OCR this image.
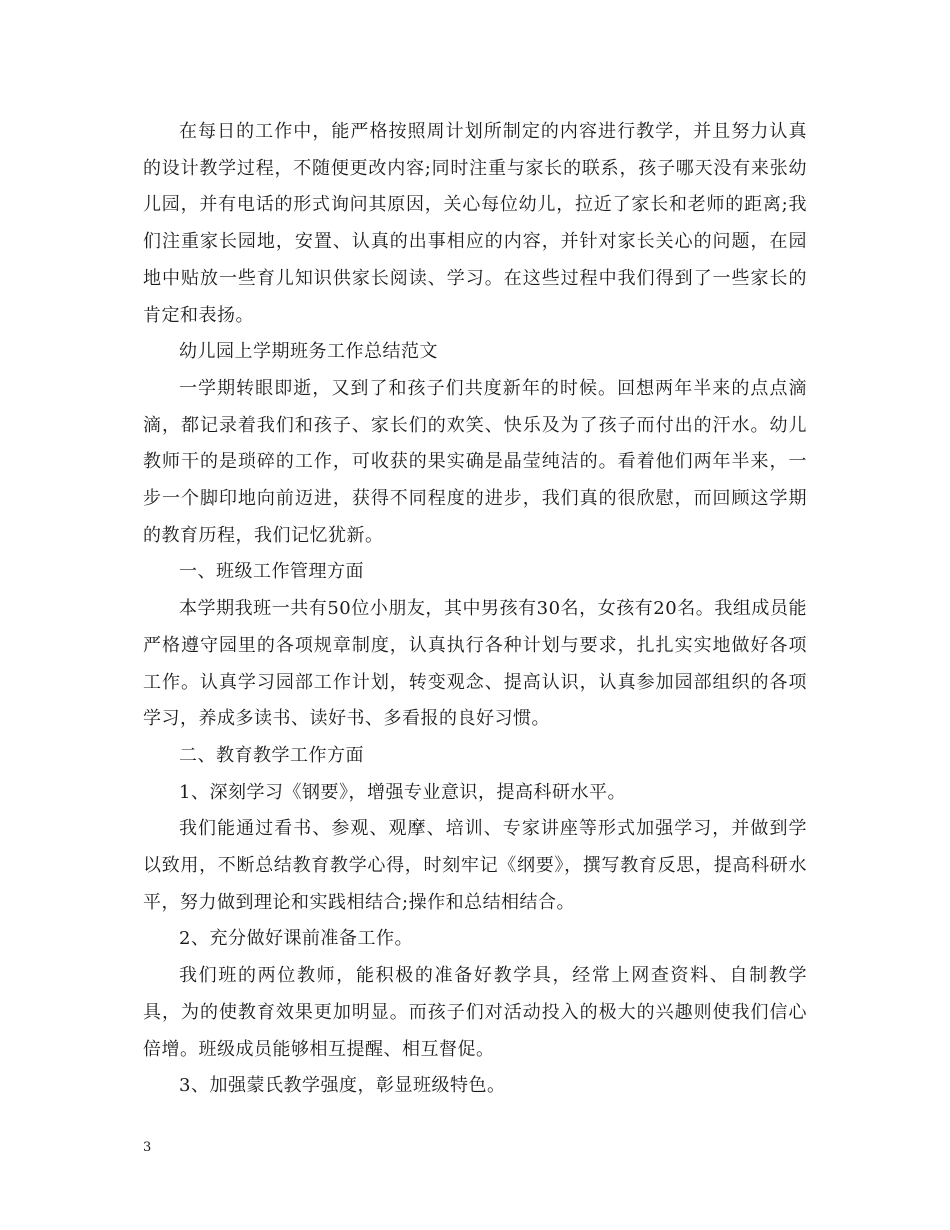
在每日的工作中，能严格按照周计划所制定的内容进行教学，并且努力认真的设计教学过程，不随便更改内容;同时注重与家长的联系，孩子哪天没有来张幼儿园，并有电话的形式询问其原因，关心每位幼儿，拉近了家长和老师的距离;我们注重家长园地，安置、认真的出事相应的内容，并针对家长关心的问题，在园地中贴放一些育儿知识供家长阅读、学习。在这些过程中我们得到了一些家长的肯定和表扬。

幼儿园上学期班务工作总结范文

一学期转眼即逝，又到了和孩子们共度新年的时候。回想两年半来的点点滴滴，都记录着我们和孩子、家长们的欢笑、快乐及为了孩子而付出的汗水。幼儿教师干的是琐碎的工作，可收获的果实确是晶莹纯洁的。看着他们两年半来，一步一个脚印地向前迈进，获得不同程度的进步，我们真的很欣慰，而回顾这学期的教育历程，我们记忆犹新。

一、班级工作管理方面

本学期我班一共有50位小朋友，其中男孩有30名，女孩有20名。我组成员能严格遵守园里的各项规章制度，认真执行各种计划与要求，扎扎实实地做好各项工作。认真学习园部工作计划，转变观念、提高认识，认真参加园部组织的各项学习，养成多读书、读好书、多看报的良好习惯。

二、教育教学工作方面

1、深刻学习《钢要》，增强专业意识，提高科研水平。

我们能通过看书、参观、观摩、培训、专家讲座等形式加强学习，并做到学以致用，不断总结教育教学心得，时刻牢记《纲要》，撰写教育反思，提高科研水平，努力做到理论和实践相结合;操作和总结相结合。

2、充分做好课前准备工作。

我们班的两位教师，能积极的准备好教学具，经常上网查资料、自制教学具，为的使教育效果更加明显。而孩子们对活动投入的极大的兴趣则使我们信心倍增。班级成员能够相互提醒、相互督促。

3、加强蒙氏教学强度，彰显班级特色。

3
